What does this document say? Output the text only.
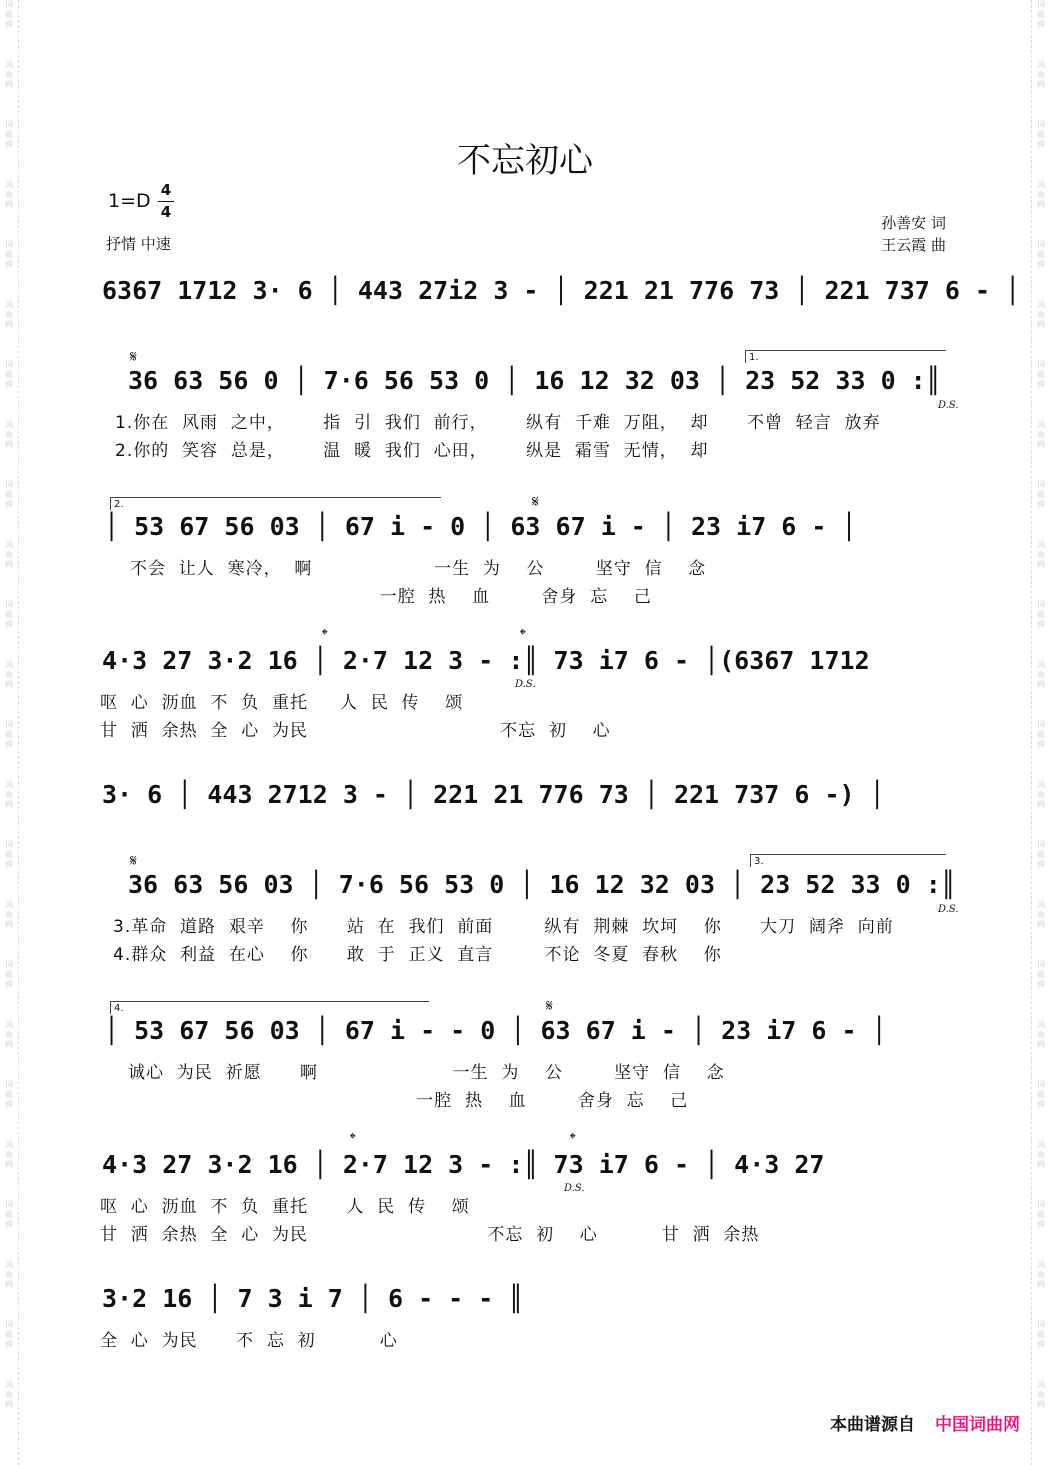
词
曲
网
词
曲
网
词
曲
网
词
曲
网
词
曲
网
词
曲
网
词
曲
网
词
曲
网
词
曲
网
词
曲
网
词
曲
网
词
曲
网
词
曲
网
词
曲
网
词
曲
网
词
曲
网
词
曲
网
词
曲
网
词
曲
网
词
曲
网
词
曲
网
词
曲
网
词
曲
网
词
曲
网
词
曲
网
词
曲
网
词
曲
网
词
曲
网
词
曲
网
词
曲
网
词
曲
网
词
曲
网
词
曲
网
词
曲
网
词
曲
网
词
曲
网
词
曲
网
词
曲
网
词
曲
网
词
曲
网
词
曲
网
词
曲
网
词
曲
网
词
曲
网
词
曲
网
词
曲
网
词
曲
网
词
曲
网
不忘初心
1=D 4
4
抒情 中速
孙善安 词
王云霞 曲
6367 1712 3· 6 │ 443 27i2 3 - │ 221 21 776 73 │ 221 737 6 - │
𝄋	1.
36 63 56 0 │ 7·6 56 53 0 │ 16 12 32 03 │ 23 52 33 0 :║
D.S.
1.你在  风雨  之中，      指  引  我们  前行，      纵有  千难  万阻，  却      不曾  轻言  放弃
2.你的  笑容  总是，      温  暖  我们  心田，      纵是  霜雪  无情，  却
2.	𝄋
│ 53 67 56 03 │ 67 i - 0 │ 63 67 i - │ 23 i7 6 - │
不会  让人  寒冷，  啊                   一生  为    公        坚守  信    念
一腔  热    血        舍身  忘    己
𝄌	𝄌
4·3 27 3·2 16 │ 2·7 12 3 - :║ 73 i7 6 - │(6367 1712
D.S.
呕  心  沥血  不  负  重托     人  民  传    颂
甘  洒  余热  全  心  为民                              不忘  初    心
3· 6 │ 443 2712 3 - │ 221 21 776 73 │ 221 737 6 -) │
𝄋	3.
36 63 56 03 │ 7·6 56 53 0 │ 16 12 32 03 │ 23 52 33 0 :║
D.S.
3.革命  道路  艰辛    你      站  在  我们  前面        纵有  荆棘  坎坷    你      大刀  阔斧  向前
4.群众  利益  在心    你      敢  于  正义  直言        不论  冬夏  春秋    你
4.	𝄋
│ 53 67 56 03 │ 67 i - - 0 │ 63 67 i - │ 23 i7 6 - │
诚心  为民  祈愿      啊                     一生  为    公        坚守  信    念
一腔  热    血        舍身  忘    己
𝄌	𝄌
4·3 27 3·2 16 │ 2·7 12 3 - :║ 73 i7 6 - │ 4·3 27
D.S.
呕  心  沥血  不  负  重托      人  民  传    颂
甘  洒  余热  全  心  为民                            不忘  初    心          甘  洒  余热
3·2 16 │ 7 3 i 7 │ 6 - - - ║
全  心  为民      不  忘  初          心
本曲谱源自 中国词曲网
